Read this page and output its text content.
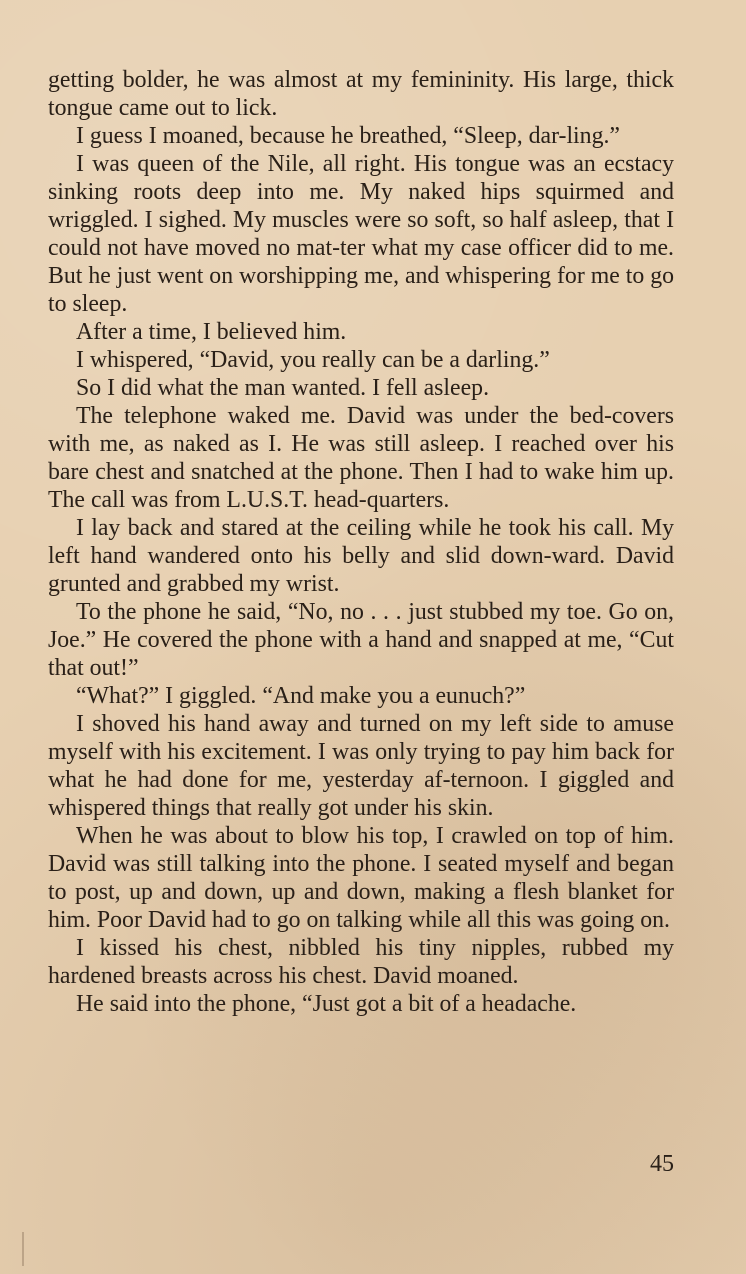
getting bolder, he was almost at my femininity. His large, thick tongue came out to lick.

I guess I moaned, because he breathed, “Sleep, dar-ling.”

I was queen of the Nile, all right. His tongue was an ecstacy sinking roots deep into me. My naked hips squirmed and wriggled. I sighed. My muscles were so soft, so half asleep, that I could not have moved no mat-ter what my case officer did to me. But he just went on worshipping me, and whispering for me to go to sleep.

After a time, I believed him.

I whispered, “David, you really can be a darling.”

So I did what the man wanted. I fell asleep.

The telephone waked me. David was under the bed-covers with me, as naked as I. He was still asleep. I reached over his bare chest and snatched at the phone. Then I had to wake him up. The call was from L.U.S.T. head-quarters.

I lay back and stared at the ceiling while he took his call. My left hand wandered onto his belly and slid down-ward. David grunted and grabbed my wrist.

To the phone he said, “No, no . . . just stubbed my toe. Go on, Joe.” He covered the phone with a hand and snapped at me, “Cut that out!”

“What?” I giggled. “And make you a eunuch?”

I shoved his hand away and turned on my left side to amuse myself with his excitement. I was only trying to pay him back for what he had done for me, yesterday af-ternoon. I giggled and whispered things that really got under his skin.

When he was about to blow his top, I crawled on top of him. David was still talking into the phone. I seated myself and began to post, up and down, up and down, making a flesh blanket for him. Poor David had to go on talking while all this was going on.

I kissed his chest, nibbled his tiny nipples, rubbed my hardened breasts across his chest. David moaned.

He said into the phone, “Just got a bit of a headache.

45
